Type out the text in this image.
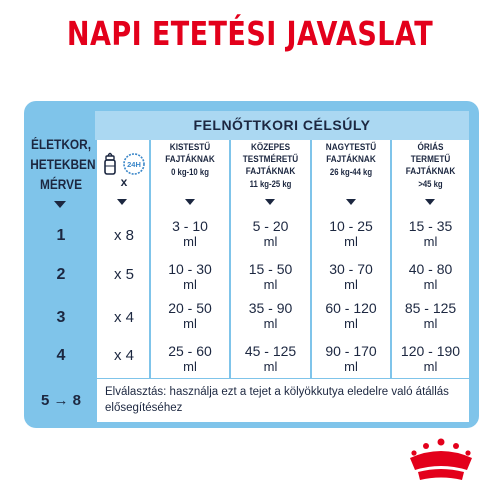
NAPI ETETÉSI JAVASLAT
FELNŐTTKORI CÉLSÚLY
ÉLETKOR,
HETEKBEN
MÉRVE
1
2
3
4
24H
x
x 8
x 5
x 4
x 4
KISTESTŰ
FAJTÁKNAK
0 kg-10 kg
KÖZEPES TESTMÉRETŰ
FAJTÁKNAK
11 kg-25 kg
NAGYTESTŰ
FAJTÁKNAK
26 kg-44 kg
ÓRIÁS TERMETŰ
FAJTÁKNAK
>45 kg
3 - 10
ml
5 - 20
ml
10 - 25
ml
15 - 35
ml
10 - 30
ml
15 - 50
ml
30 - 70
ml
40 - 80
ml
20 - 50
ml
35 - 90
ml
60 - 120
ml
85 - 125
ml
25 - 60
ml
45 - 125
ml
90 - 170
ml
120 - 190
ml
5 → 8	Elválasztás: használja ezt a tejet a kölyökkutya eledelre való átállás elősegítéséhez
